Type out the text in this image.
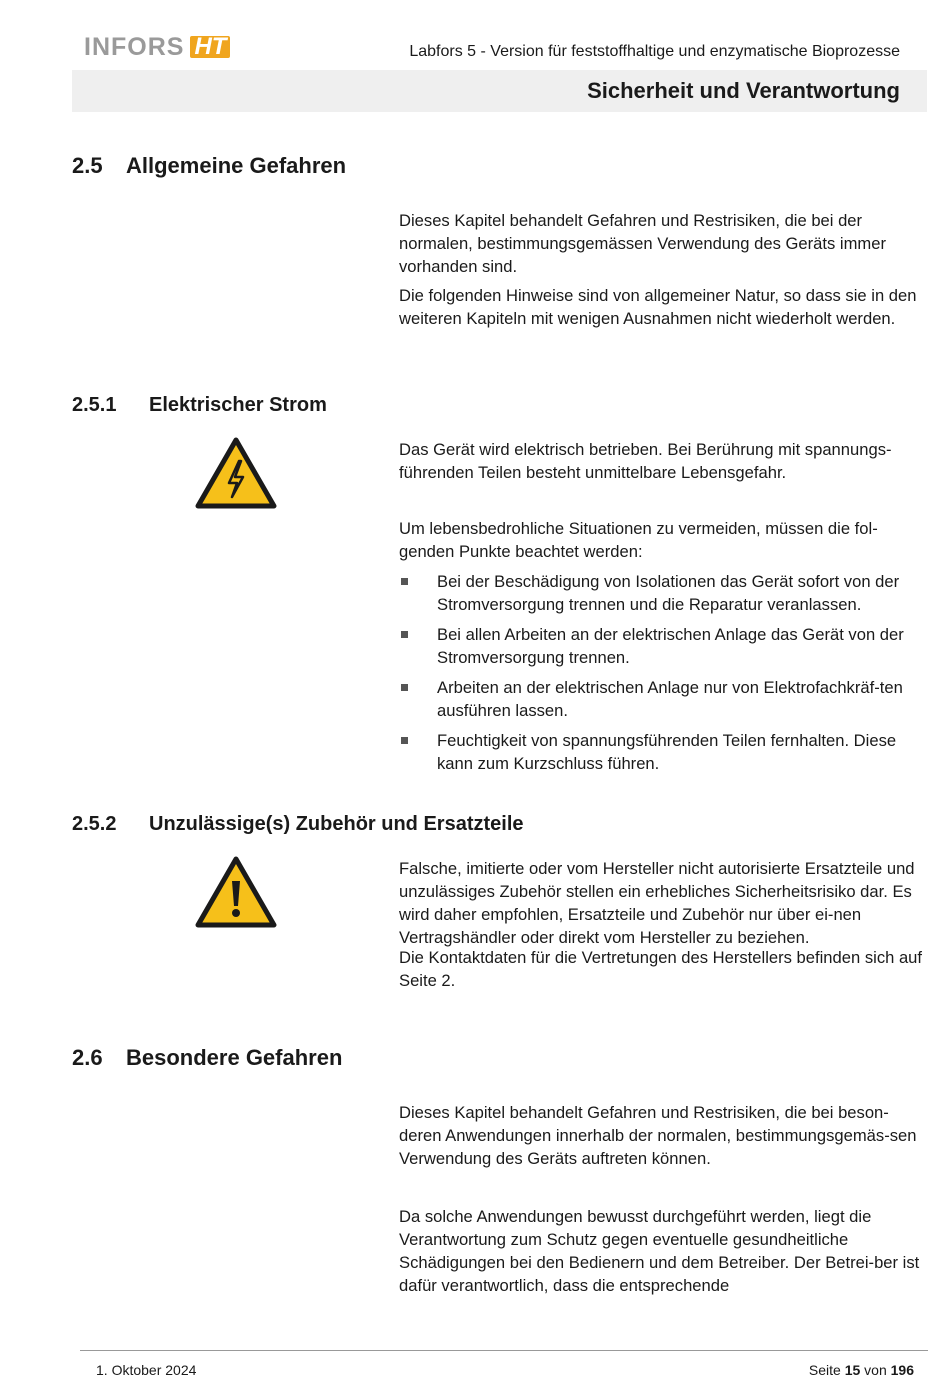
INFORS HT	Labfors 5 - Version für feststoffhaltige und enzymatische Bioprozesse
Sicherheit und Verantwortung
2.5 Allgemeine Gefahren

Dieses Kapitel behandelt Gefahren und Restrisiken, die bei der normalen, bestimmungsgemässen Verwendung des Geräts immer vorhanden sind.

Die folgenden Hinweise sind von allgemeiner Natur, so dass sie in den weiteren Kapiteln mit wenigen Ausnahmen nicht wiederholt werden.

2.5.1 Elektrischer Strom

Das Gerät wird elektrisch betrieben. Bei Berührung mit spannungs-führenden Teilen besteht unmittelbare Lebensgefahr.

Um lebensbedrohliche Situationen zu vermeiden, müssen die fol-genden Punkte beachtet werden:

Bei der Beschädigung von Isolationen das Gerät sofort von der Stromversorgung trennen und die Reparatur veranlassen.
Bei allen Arbeiten an der elektrischen Anlage das Gerät von der Stromversorgung trennen.
Arbeiten an der elektrischen Anlage nur von Elektrofachkräf-ten ausführen lassen.
Feuchtigkeit von spannungsführenden Teilen fernhalten. Diese kann zum Kurzschluss führen.
2.5.2 Unzulässige(s) Zubehör und Ersatzteile

Falsche, imitierte oder vom Hersteller nicht autorisierte Ersatzteile und unzulässiges Zubehör stellen ein erhebliches Sicherheitsrisiko dar. Es wird daher empfohlen, Ersatzteile und Zubehör nur über ei-nen Vertragshändler oder direkt vom Hersteller zu beziehen.

Die Kontaktdaten für die Vertretungen des Herstellers befinden sich auf Seite 2.

2.6 Besondere Gefahren

Dieses Kapitel behandelt Gefahren und Restrisiken, die bei beson-deren Anwendungen innerhalb der normalen, bestimmungsgemäs-sen Verwendung des Geräts auftreten können.

Da solche Anwendungen bewusst durchgeführt werden, liegt die Verantwortung zum Schutz gegen eventuelle gesundheitliche Schädigungen bei den Bedienern und dem Betreiber. Der Betrei-ber ist dafür verantwortlich, dass die entsprechende

1. Oktober 2024	Seite 15 von 196
